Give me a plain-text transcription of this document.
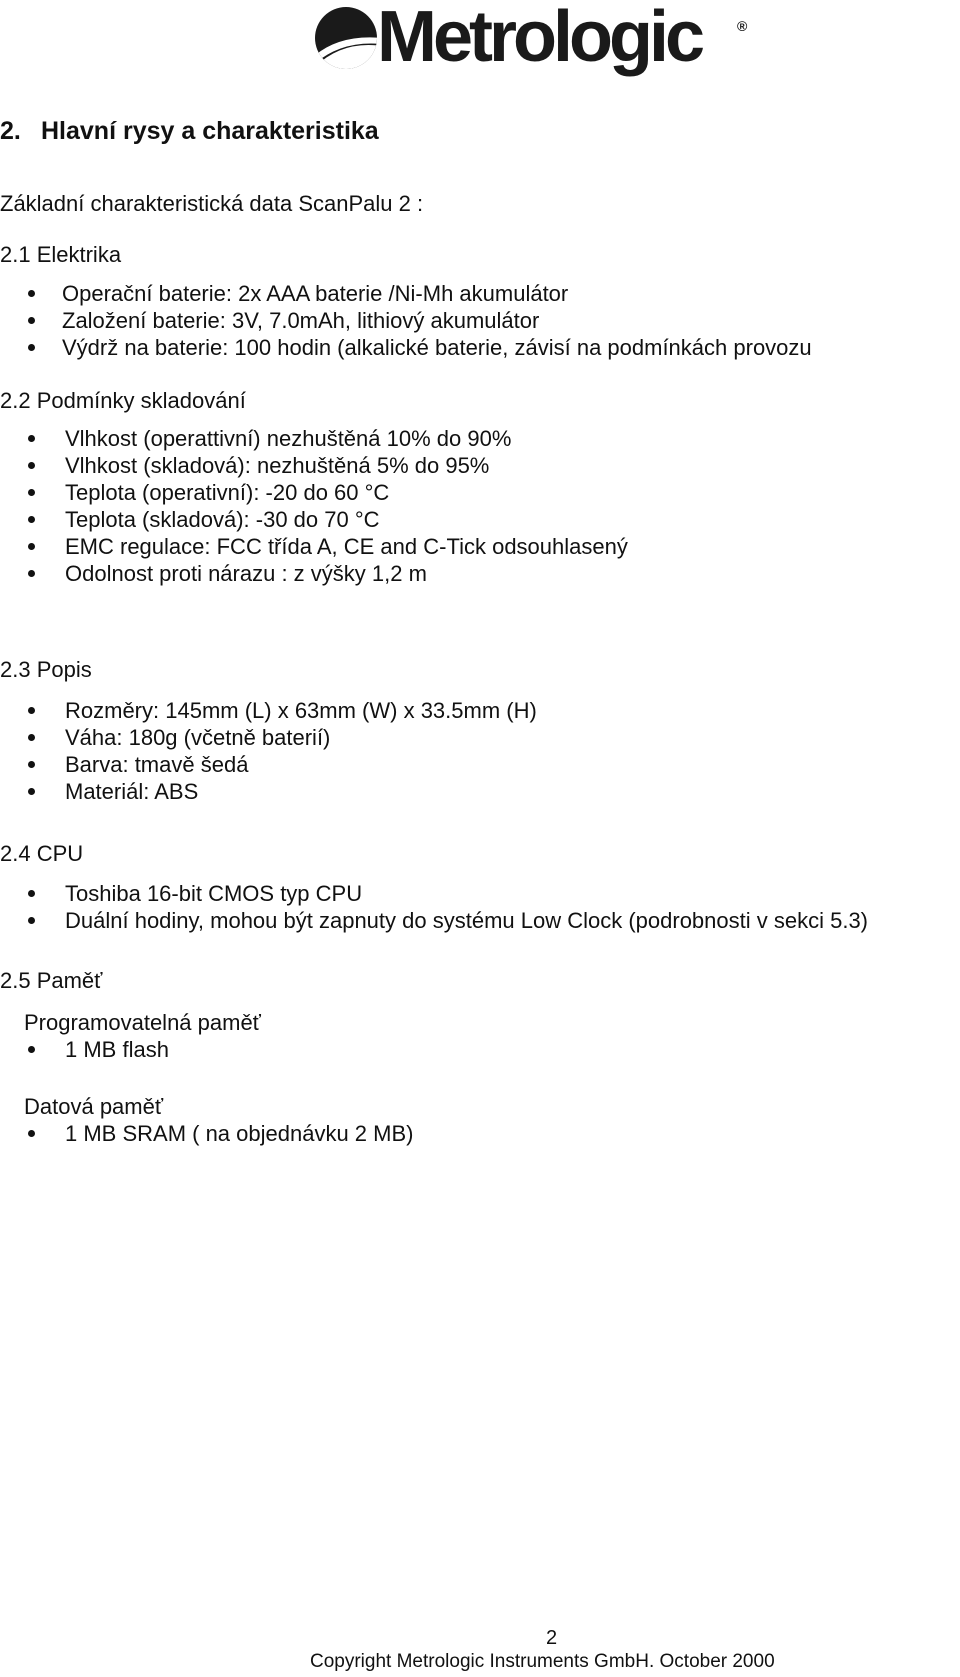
Metrologic	®
2. Hlavní rysy a charakteristika
Základní charakteristická data ScanPalu 2 :
2.1 Elektrika
Operační baterie: 2x AAA baterie /Ni-Mh akumulátor
Založení baterie: 3V, 7.0mAh, lithiový akumulátor
Výdrž na baterie: 100 hodin (alkalické baterie, závisí na podmínkách provozu
2.2 Podmínky skladování
Vlhkost (operattivní) nezhuštěná 10% do 90%
Vlhkost (skladová): nezhuštěná 5% do 95%
Teplota (operativní): -20 do 60 °C
Teplota (skladová): -30 do 70 °C
EMC regulace: FCC třída A, CE and C-Tick odsouhlasený
Odolnost proti nárazu : z výšky 1,2 m
2.3 Popis
Rozměry: 145mm (L) x 63mm (W) x 33.5mm (H)
Váha: 180g (včetně baterií)
Barva: tmavě šedá
Materiál: ABS
2.4 CPU
Toshiba 16-bit CMOS typ CPU
Duální hodiny, mohou být zapnuty do systému Low Clock (podrobnosti v sekci 5.3)
2.5 Paměť
Programovatelná paměť
1 MB flash
Datová paměť
1 MB SRAM ( na objednávku 2 MB)
2
Copyright Metrologic Instruments GmbH. October 2000
